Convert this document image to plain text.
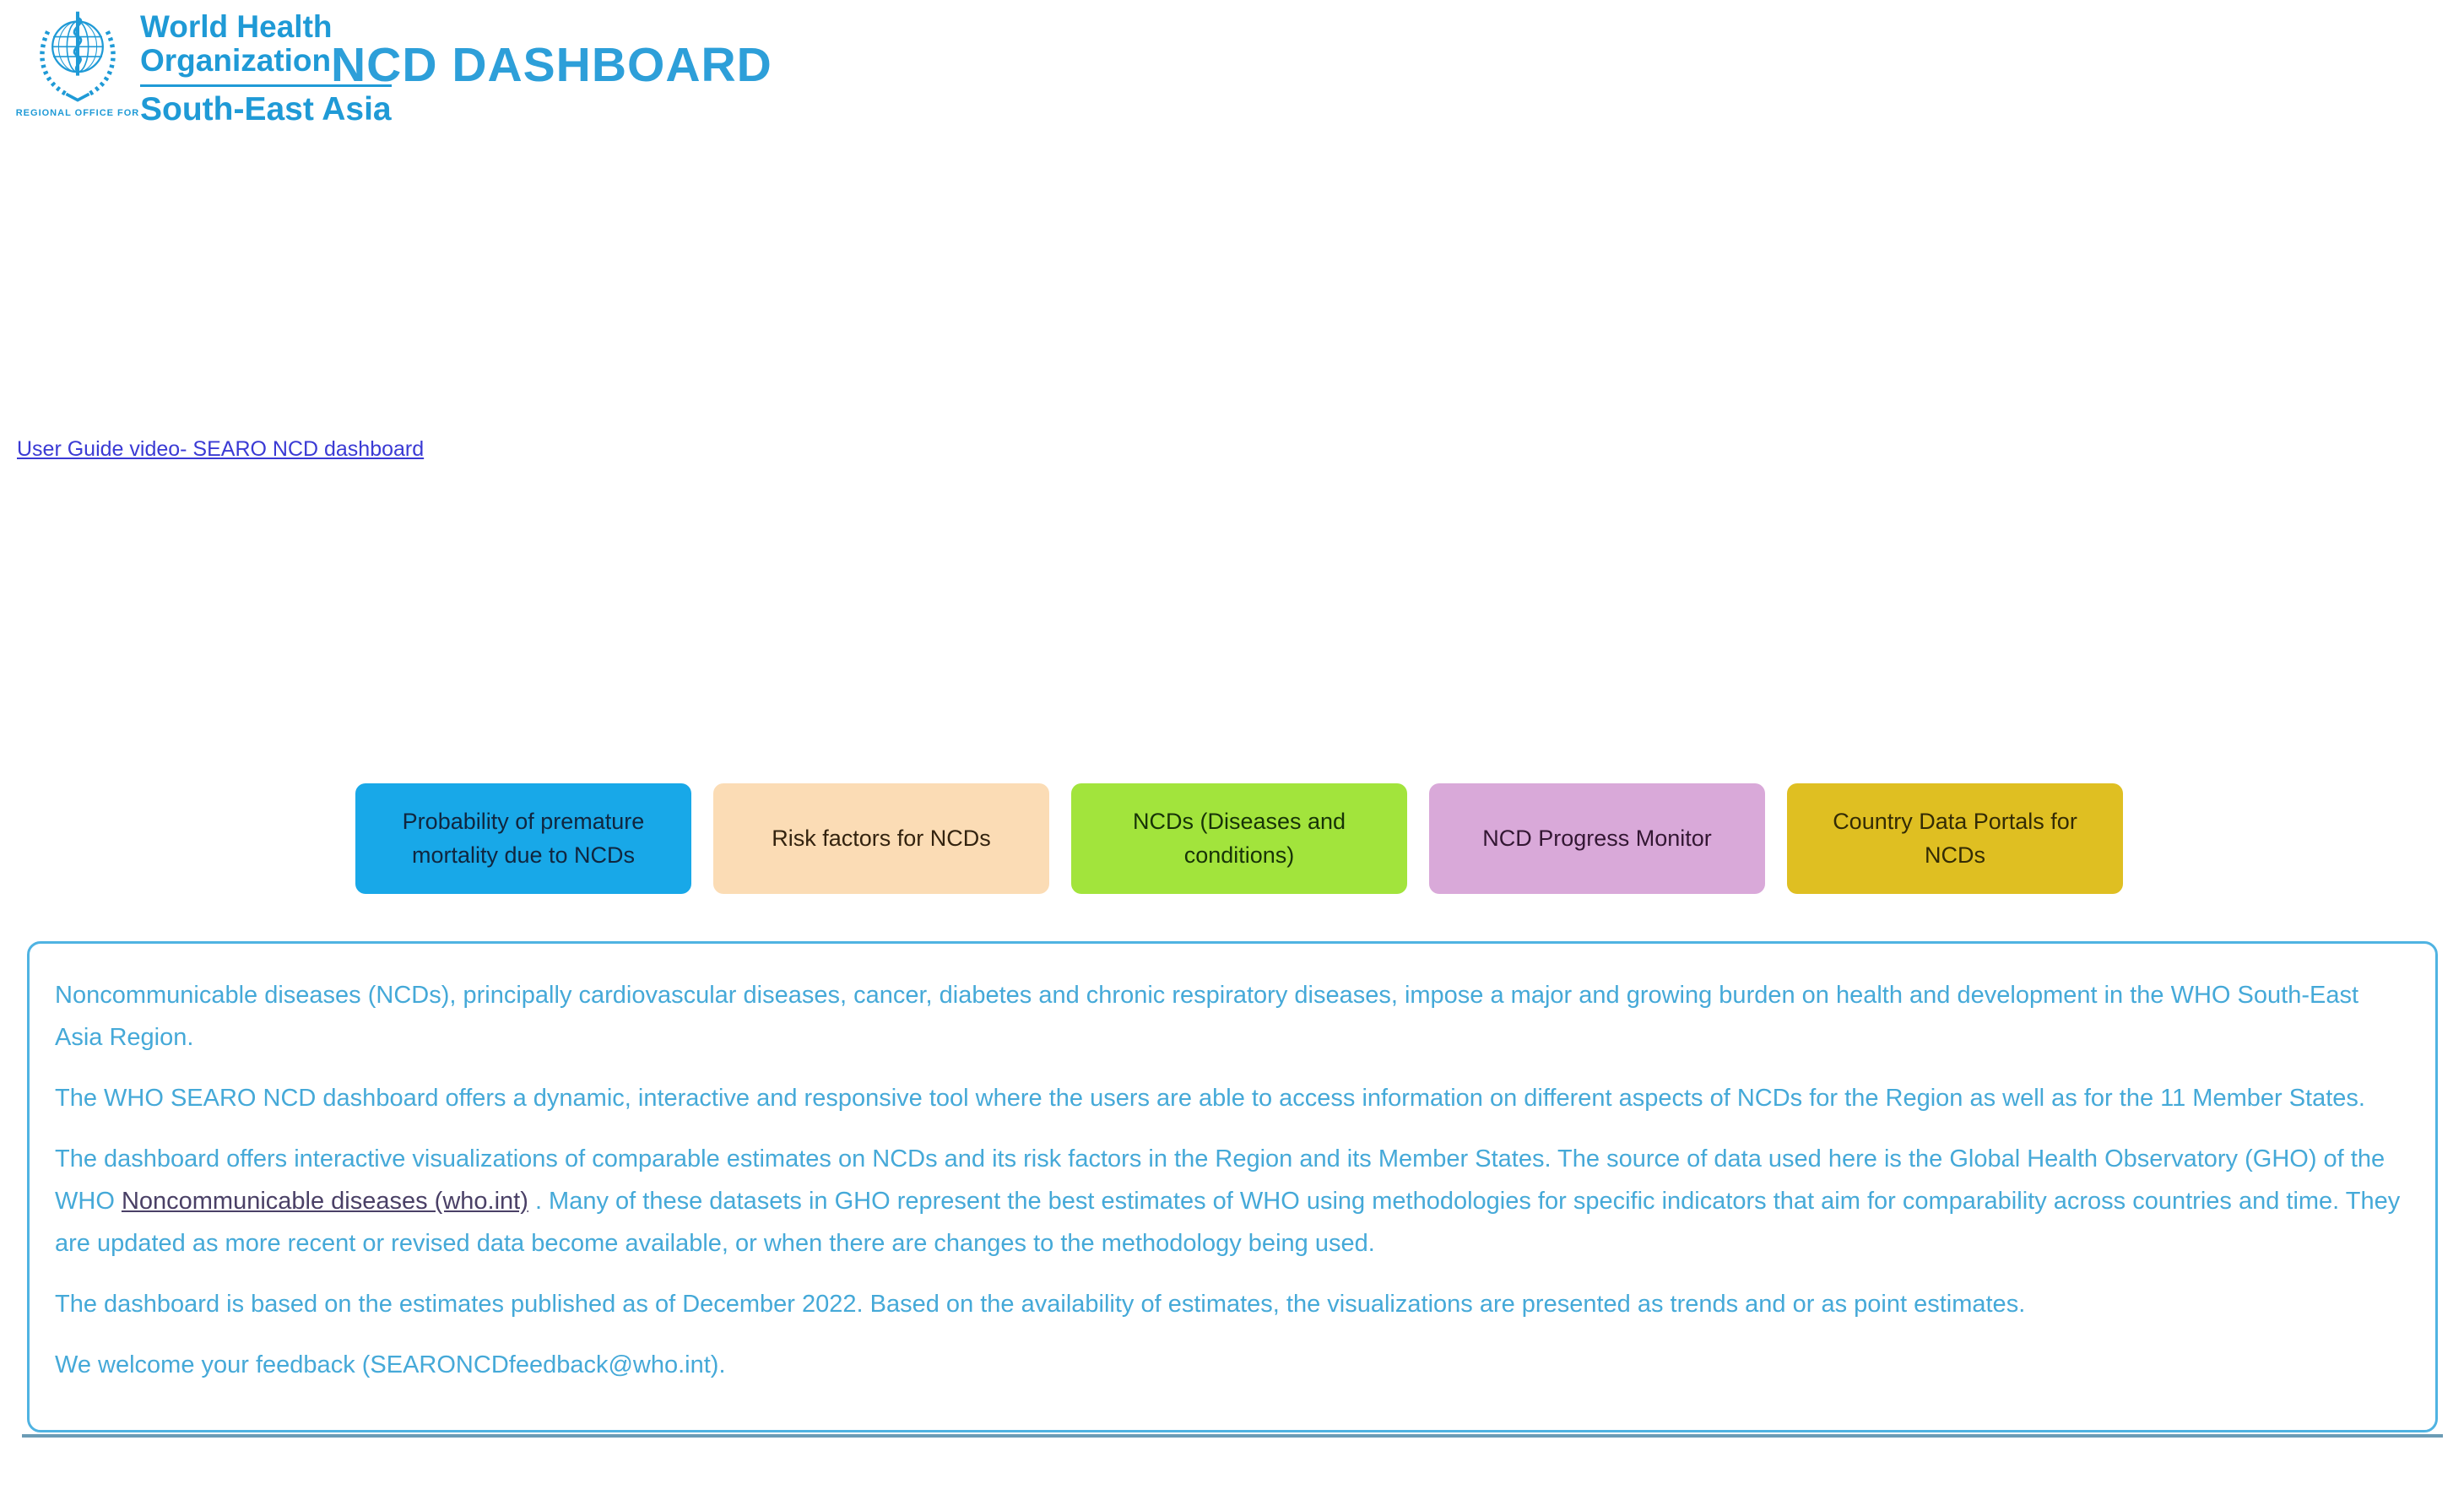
REGIONAL OFFICE FOR
World Health
Organization
South-East Asia
NCD DASHBOARD
User Guide video- SEARO NCD dashboard
Probability of premature mortality due to NCDs
Risk factors for NCDs
NCDs (Diseases and conditions)
NCD Progress Monitor
Country Data Portals for NCDs

Noncommunicable diseases (NCDs), principally cardiovascular diseases, cancer, diabetes and chronic respiratory diseases, impose a major and growing burden on health and development in the WHO South-East Asia Region.

The WHO SEARO NCD dashboard offers a dynamic, interactive and responsive tool where the users are able to access information on different aspects of NCDs for the Region as well as for the 11 Member States.

The dashboard offers interactive visualizations of comparable estimates on NCDs and its risk factors in the Region and its Member States. The source of data used here is the Global Health Observatory (GHO) of the WHO Noncommunicable diseases (who.int) . Many of these datasets in GHO represent the best estimates of WHO using methodologies for specific indicators that aim for comparability across countries and time. They are updated as more recent or revised data become available, or when there are changes to the methodology being used.

The dashboard is based on the estimates published as of December 2022. Based on the availability of estimates, the visualizations are presented as trends and or as point estimates.

We welcome your feedback (SEARONCDfeedback@who.int).
